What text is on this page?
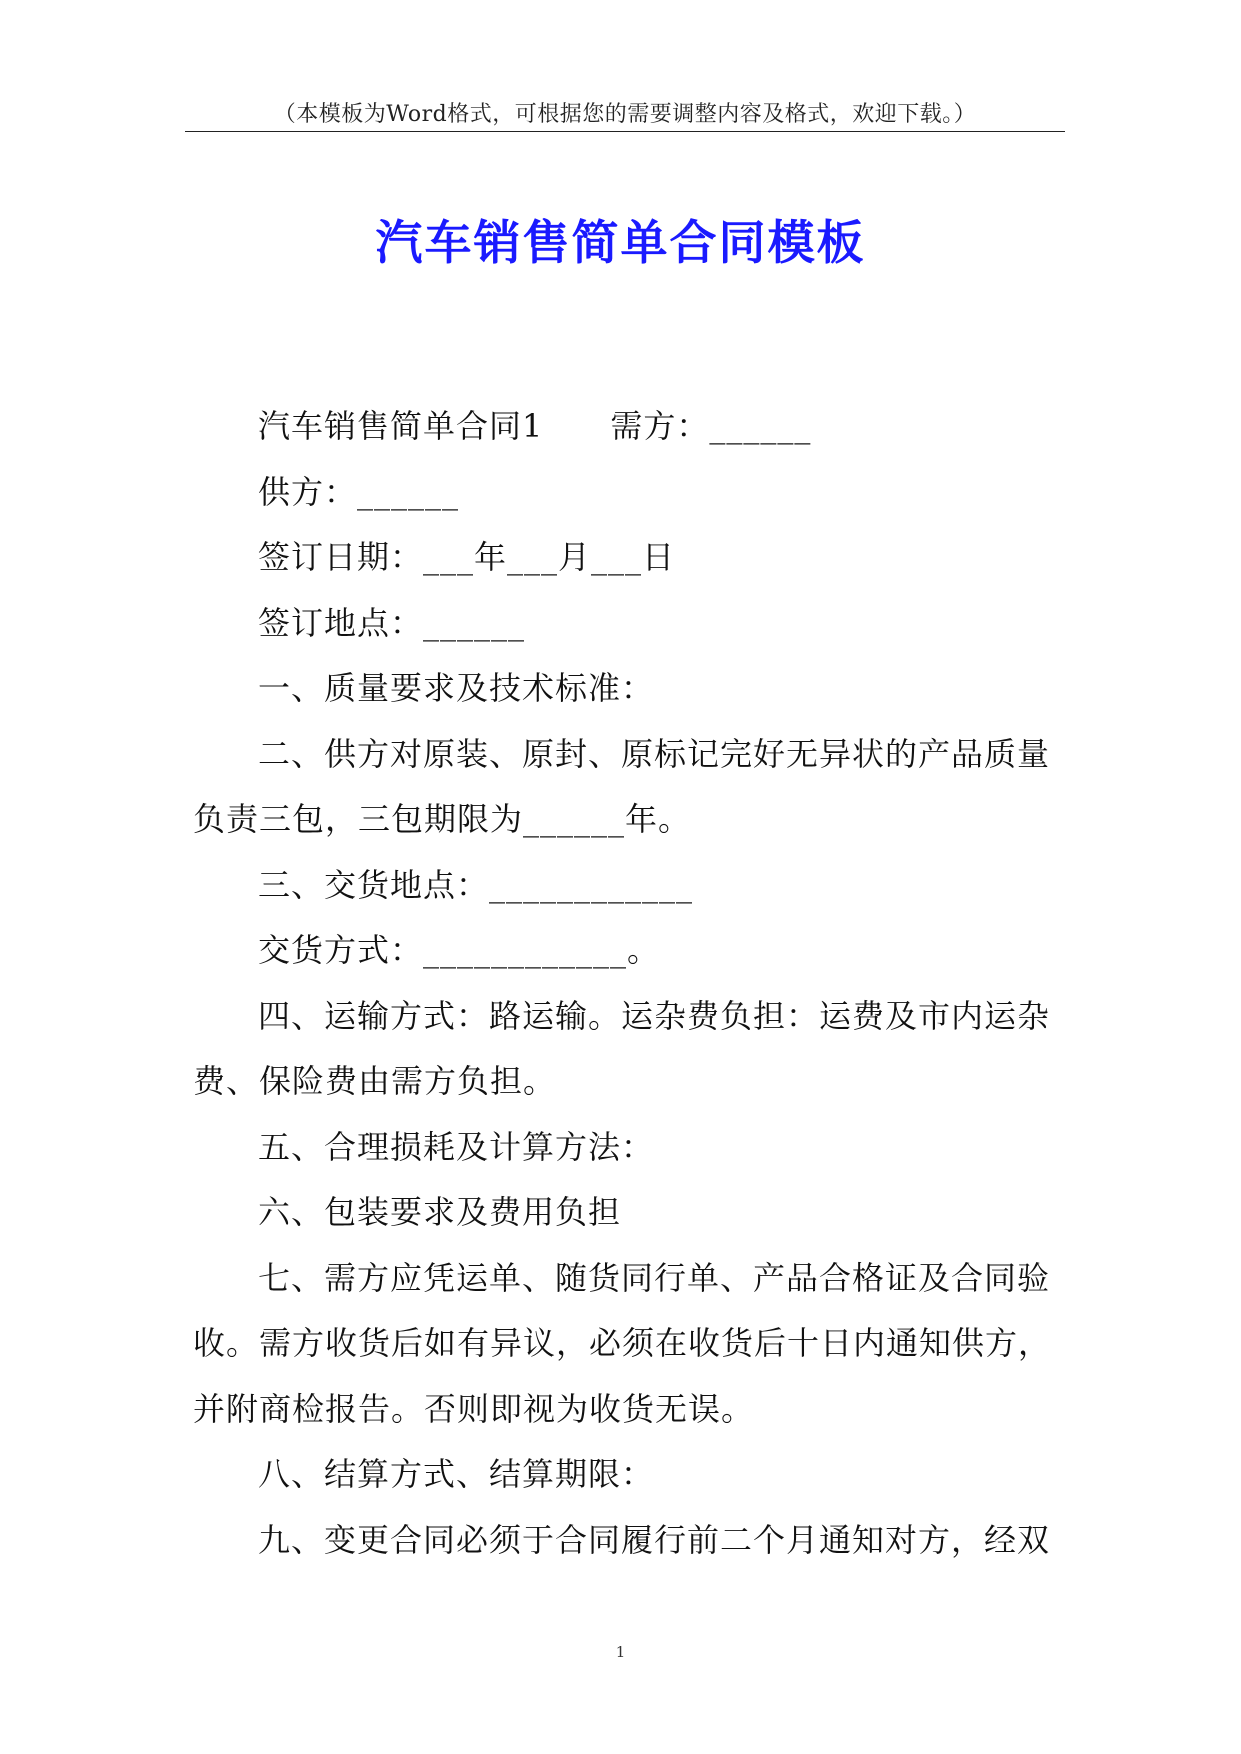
（本模板为Word格式，可根据您的需要调整内容及格式，欢迎下载。）
汽车销售简单合同模板

汽车销售简单合同1      需方：______

供方：______

签订日期：___年___月___日

签订地点：______

一、质量要求及技术标准：

二、供方对原装、原封、原标记完好无异状的产品质量负责三包，三包期限为______年。

三、交货地点：____________

交货方式：____________。

四、运输方式：路运输。运杂费负担：运费及市内运杂费、保险费由需方负担。

五、合理损耗及计算方法：

六、包装要求及费用负担

七、需方应凭运单、随货同行单、产品合格证及合同验收。需方收货后如有异议，必须在收货后十日内通知供方，并附商检报告。否则即视为收货无误。

八、结算方式、结算期限：

九、变更合同必须于合同履行前二个月通知对方，经双

1
